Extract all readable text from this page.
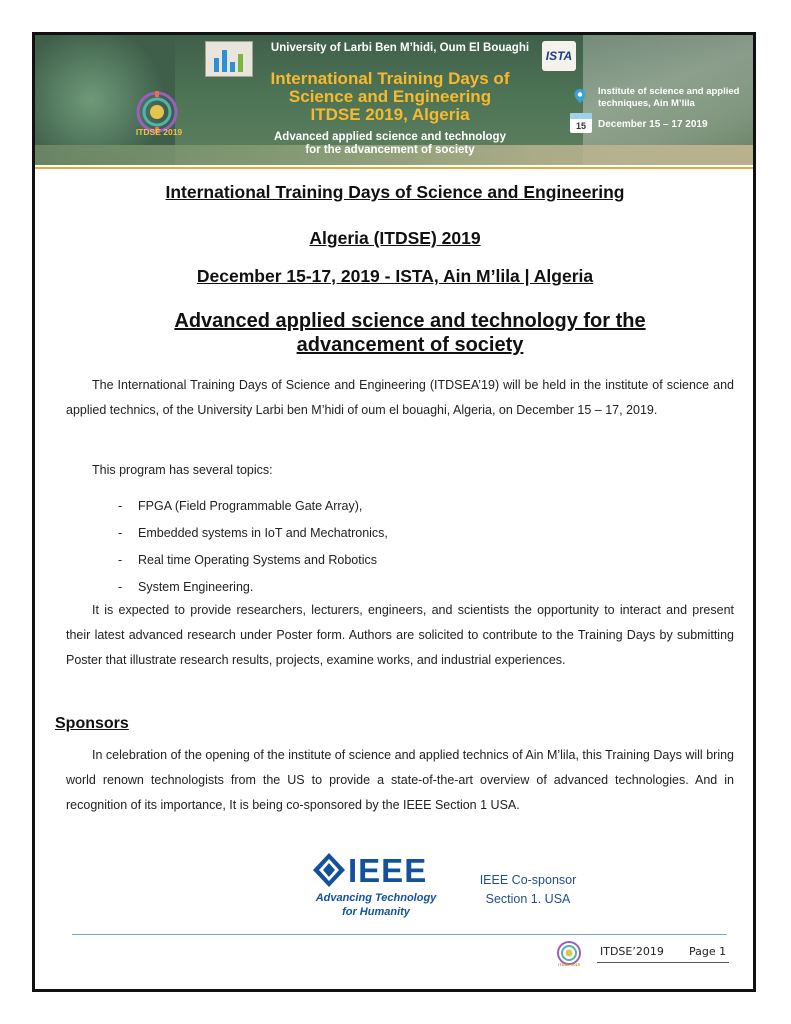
University of Larbi Ben M’hidi, Oum El Bouaghi
ISTA
International Training Days of
Science and Engineering
ITDSE 2019, Algeria
Advanced applied science and technology
for the advancement of society
ITDSE 2019
15
Institute of science and applied
techniques, Ain M’lila
December 15 – 17 2019
International Training Days of Science and Engineering
Algeria (ITDSE) 2019
December 15-17, 2019 - ISTA, Ain M’lila | Algeria
Advanced applied science and technology for the advancement of society
The International Training Days of Science and Engineering (ITDSEA’19) will be held in the institute of science and applied technics, of the University Larbi ben M’hidi of oum el bouaghi, Algeria, on December 15 – 17, 2019.
This program has several topics:
- FPGA (Field Programmable Gate Array),
- Embedded systems in IoT and Mechatronics,
- Real time Operating Systems and Robotics
- System Engineering.
It is expected to provide researchers, lecturers, engineers, and scientists the opportunity to interact and present their latest advanced research under Poster form. Authors are solicited to contribute to the Training Days by submitting Poster that illustrate research results, projects, examine works, and industrial experiences.
Sponsors
In celebration of the opening of the institute of science and applied technics of Ain M’lila, this Training Days will bring world renown technologists from the US to provide a state-of-the-art overview of advanced technologies. And in recognition of its importance, It is being co-sponsored by the IEEE Section 1 USA.
IEEE
Advancing Technology
for Humanity
IEEE Co-sponsor
Section 1. USA
ITDSE 2019
ITDSE’2019 Page 1
